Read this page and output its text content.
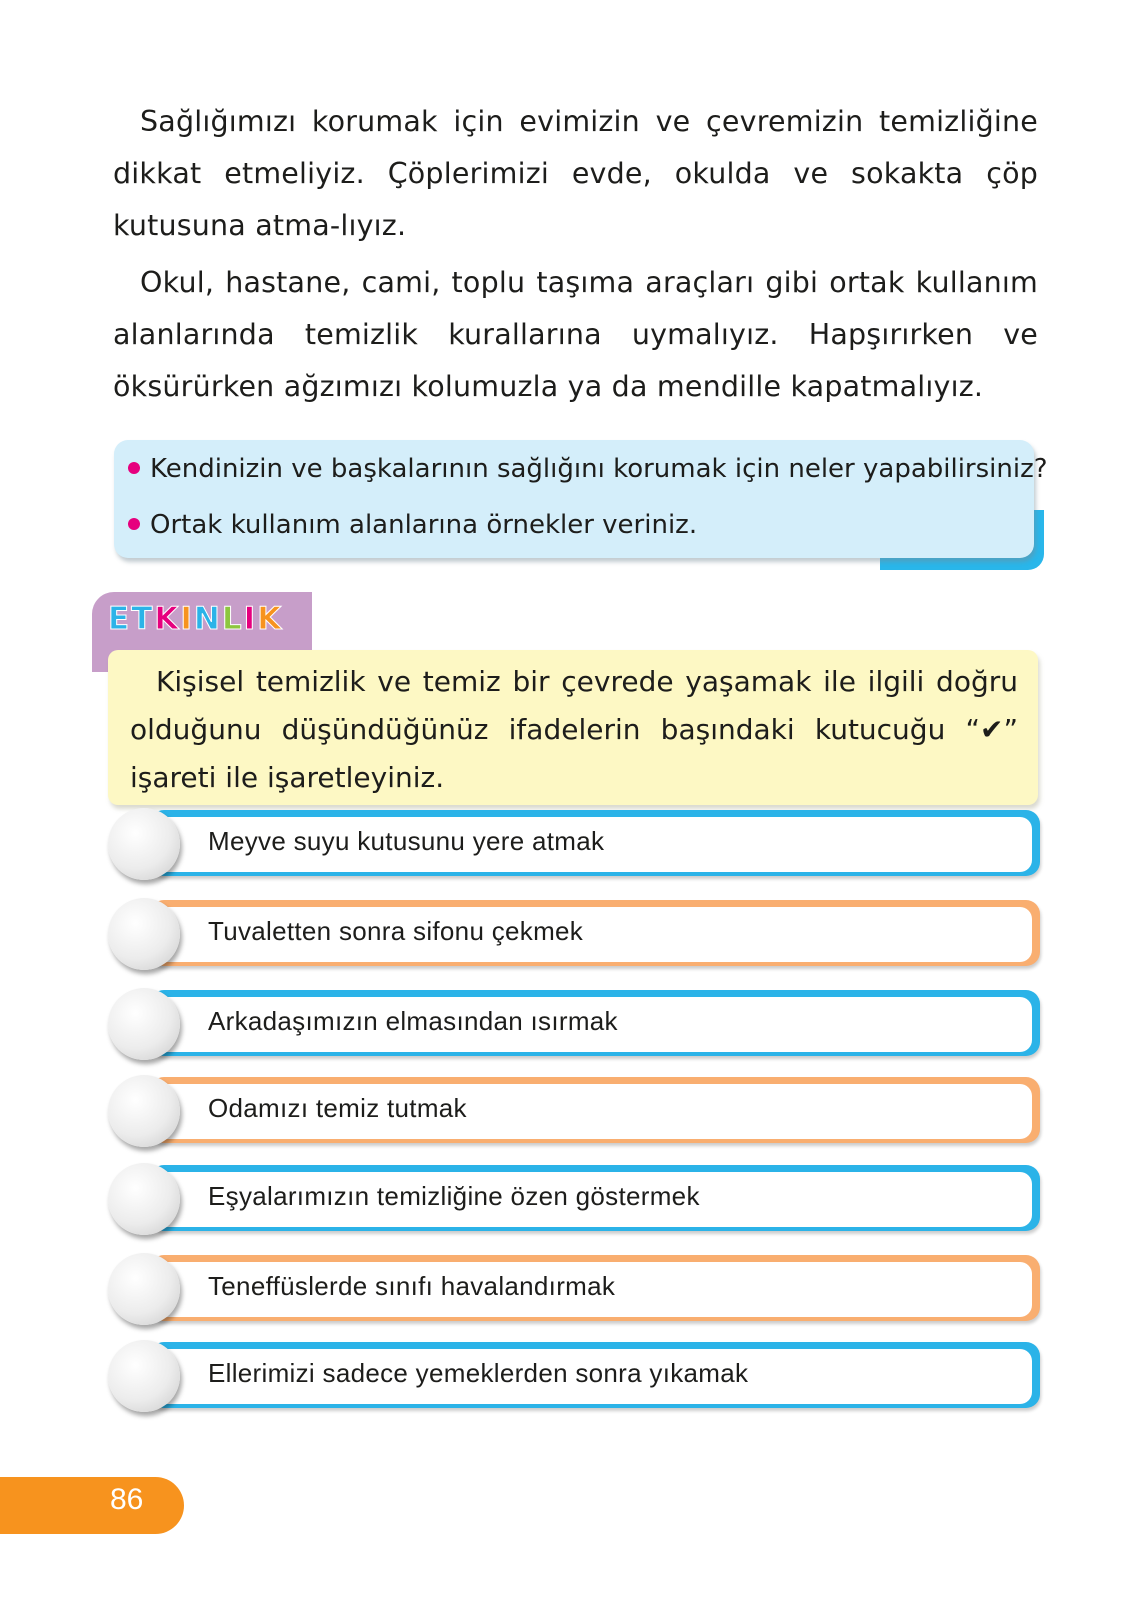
Sağlığımızı korumak için evimizin ve çevremizin temizliğine dikkat etmeliyiz. Çöplerimizi evde, okulda ve sokakta çöp kutusuna atma-lıyız.

Okul, hastane, cami, toplu taşıma araçları gibi ortak kullanım alanlarında temizlik kurallarına uymalıyız. Hapşırırken ve öksürürken ağzımızı kolumuzla ya da mendille kapatmalıyız.

Kendinizin ve başkalarının sağlığını korumak için neler yapabilirsiniz?
Ortak kullanım alanlarına örnekler veriniz.
ETKINLIK

Kişisel temizlik ve temiz bir çevrede yaşamak ile ilgili doğru olduğunu düşündüğünüz ifadelerin başındaki kutucuğu “✔” işareti ile işaretleyiniz.

Meyve suyu kutusunu yere atmak
Tuvaletten sonra sifonu çekmek
Arkadaşımızın elmasından ısırmak
Odamızı temiz tutmak
Eşyalarımızın temizliğine özen göstermek
Teneffüslerde sınıfı havalandırmak
Ellerimizi sadece yemeklerden sonra yıkamak
86
